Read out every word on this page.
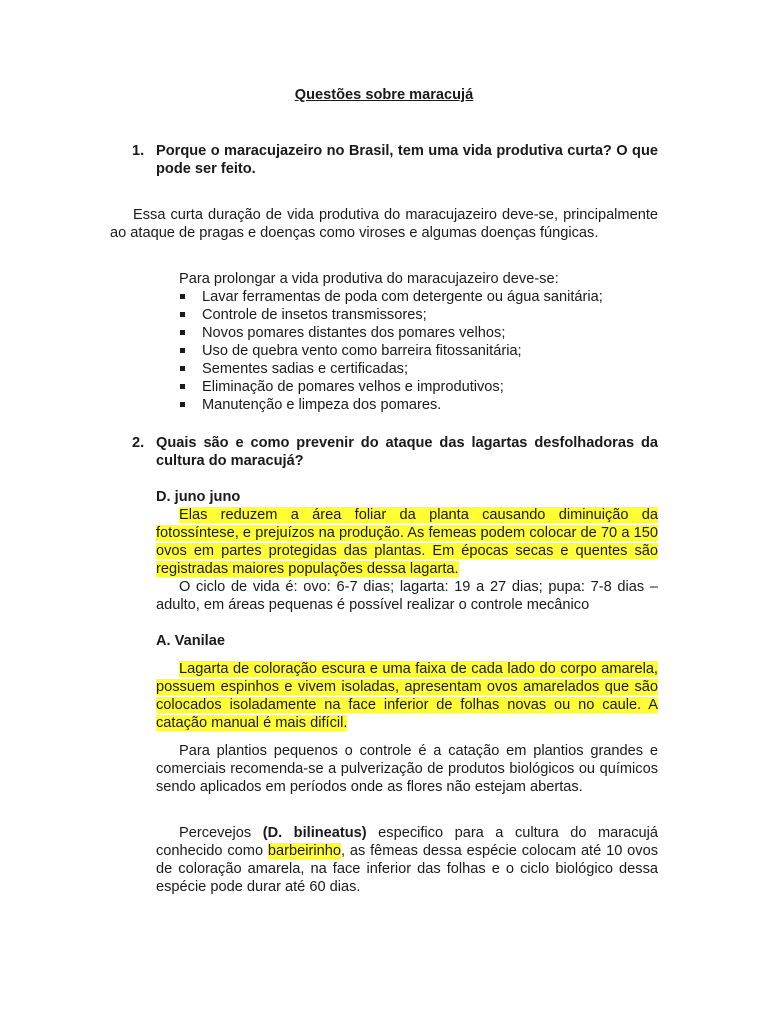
Questões sobre maracujá
1. Porque o maracujazeiro no Brasil, tem uma vida produtiva curta? O que pode ser feito.
Essa curta duração de vida produtiva do maracujazeiro deve-se, principalmente ao ataque de pragas e doenças como viroses e algumas doenças fúngicas.
Para prolongar a vida produtiva do maracujazeiro deve-se:
Lavar ferramentas de poda com detergente ou água sanitária;
Controle de insetos transmissores;
Novos pomares distantes dos pomares velhos;
Uso de quebra vento como barreira fitossanitária;
Sementes sadias e certificadas;
Eliminação de pomares velhos e improdutivos;
Manutenção e limpeza dos pomares.
2. Quais são e como prevenir do ataque das lagartas desfolhadoras da cultura do maracujá?
D. juno juno
Elas reduzem a área foliar da planta causando diminuição da fotossíntese, e prejuízos na produção. As femeas podem colocar de 70 a 150 ovos em partes protegidas das plantas. Em épocas secas e quentes são registradas maiores populações dessa lagarta.
O ciclo de vida é: ovo: 6-7 dias; lagarta: 19 a 27 dias; pupa: 7-8 dias – adulto, em áreas pequenas é possível realizar o controle mecânico
A. Vanilae
Lagarta de coloração escura e uma faixa de cada lado do corpo amarela, possuem espinhos e vivem isoladas, apresentam ovos amarelados que são colocados isoladamente na face inferior de folhas novas ou no caule. A catação manual é mais difícil.
Para plantios pequenos o controle é a catação em plantios grandes e comerciais recomenda-se a pulverização de produtos biológicos ou químicos sendo aplicados em períodos onde as flores não estejam abertas.
Percevejos (D. bilineatus) especifico para a cultura do maracujá conhecido como barbeirinho, as fêmeas dessa espécie colocam até 10 ovos de coloração amarela, na face inferior das folhas e o ciclo biológico dessa espécie pode durar até 60 dias.
